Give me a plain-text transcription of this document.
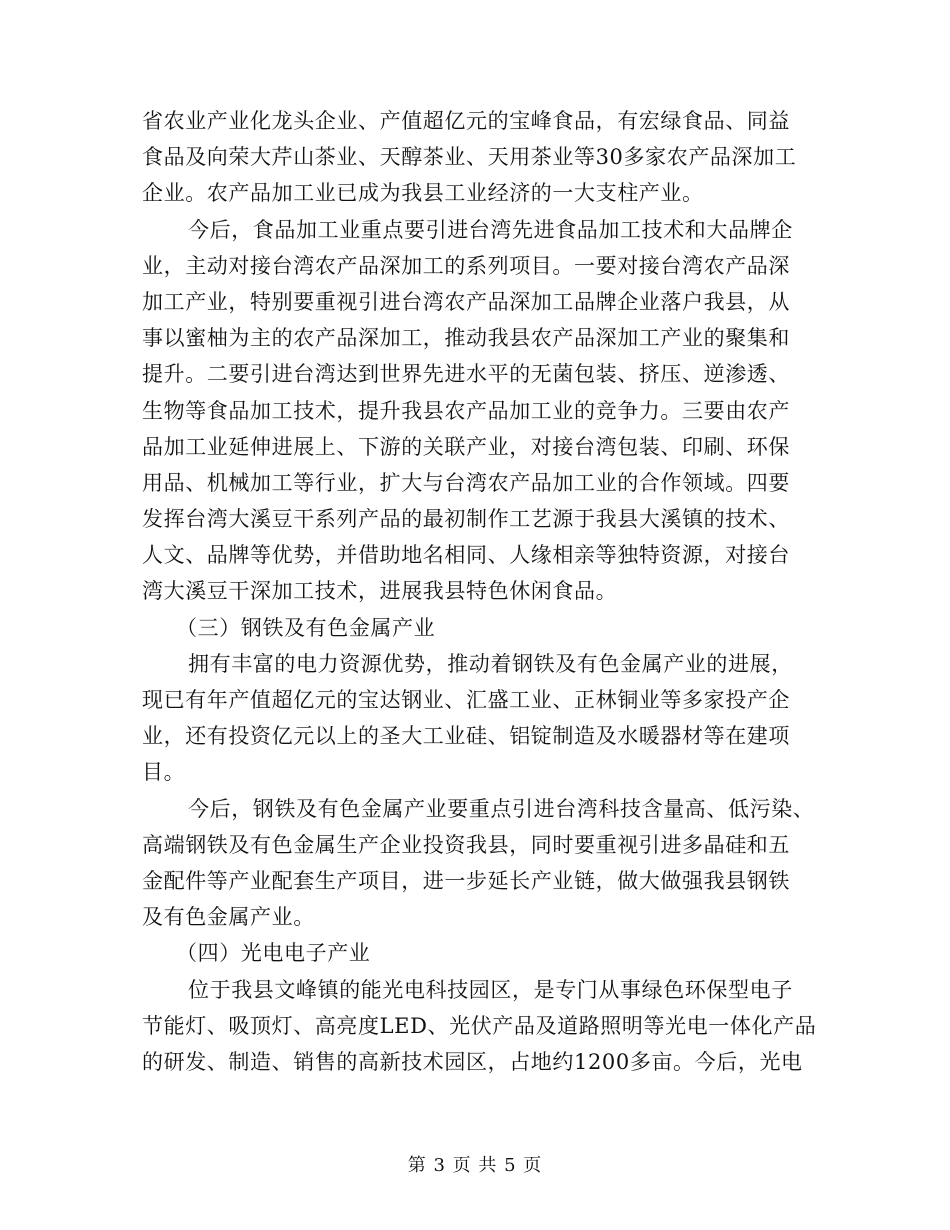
省农业产业化龙头企业、产值超亿元的宝峰食品，有宏绿食品、同益
食品及向荣大芹山茶业、天醇茶业、天用茶业等30多家农产品深加工
企业。农产品加工业已成为我县工业经济的一大支柱产业。
今后，食品加工业重点要引进台湾先进食品加工技术和大品牌企
业，主动对接台湾农产品深加工的系列项目。一要对接台湾农产品深
加工产业，特别要重视引进台湾农产品深加工品牌企业落户我县，从
事以蜜柚为主的农产品深加工，推动我县农产品深加工产业的聚集和
提升。二要引进台湾达到世界先进水平的无菌包装、挤压、逆渗透、
生物等食品加工技术，提升我县农产品加工业的竞争力。三要由农产
品加工业延伸进展上、下游的关联产业，对接台湾包装、印刷、环保
用品、机械加工等行业，扩大与台湾农产品加工业的合作领域。四要
发挥台湾大溪豆干系列产品的最初制作工艺源于我县大溪镇的技术、
人文、品牌等优势，并借助地名相同、人缘相亲等独特资源，对接台
湾大溪豆干深加工技术，进展我县特色休闲食品。
（三）钢铁及有色金属产业
拥有丰富的电力资源优势，推动着钢铁及有色金属产业的进展，
现已有年产值超亿元的宝达钢业、汇盛工业、正林铜业等多家投产企
业，还有投资亿元以上的圣大工业硅、铝锭制造及水暖器材等在建项
目。
今后，钢铁及有色金属产业要重点引进台湾科技含量高、低污染、
高端钢铁及有色金属生产企业投资我县，同时要重视引进多晶硅和五
金配件等产业配套生产项目，进一步延长产业链，做大做强我县钢铁
及有色金属产业。
（四）光电电子产业
位于我县文峰镇的能光电科技园区，是专门从事绿色环保型电子
节能灯、吸顶灯、高亮度LED、光伏产品及道路照明等光电一体化产品
的研发、制造、销售的高新技术园区，占地约1200多亩。今后，光电
第 3 页 共 5 页
